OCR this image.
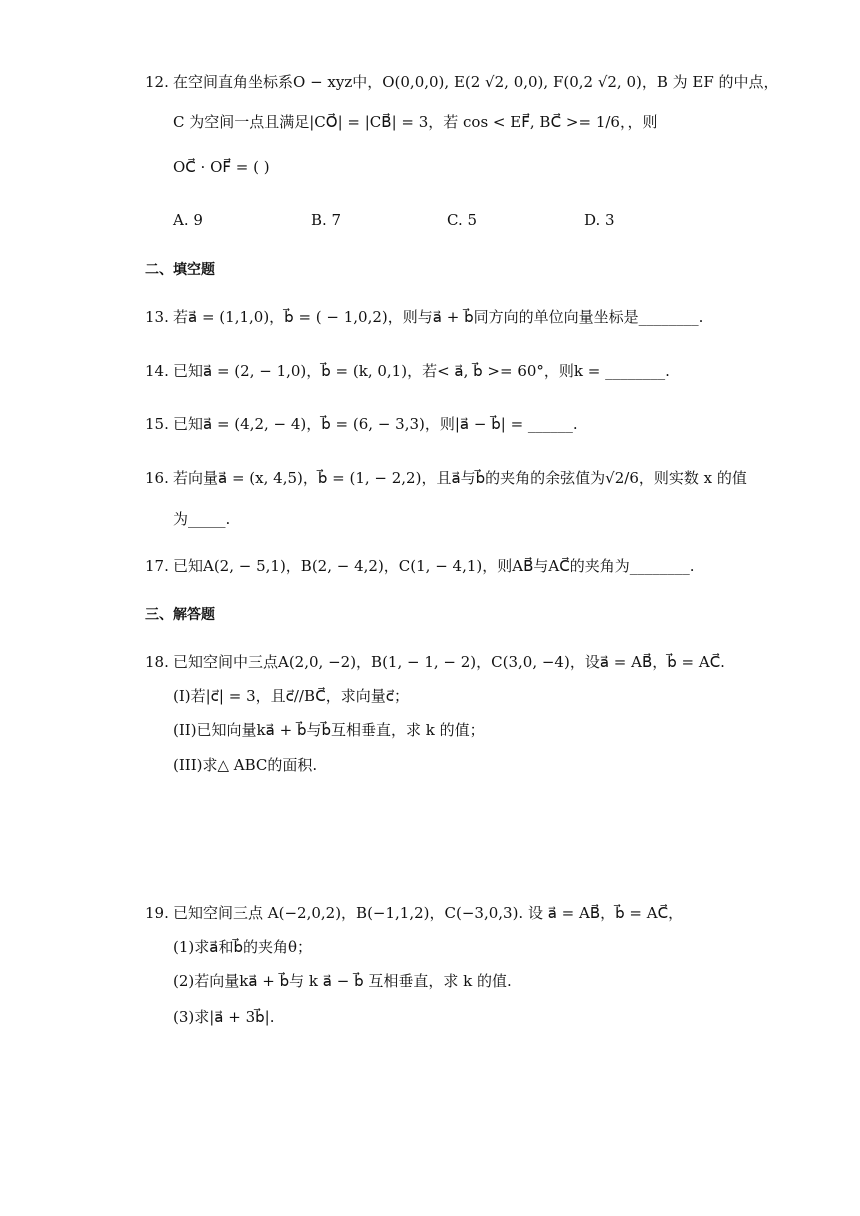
12. 在空间直角坐标系O − xyz中，O(0,0,0), E(2 √2, 0,0), F(0,2 √2, 0)，B 为 EF 的中点，
C 为空间一点且满足|CO⃗| = |CB⃗| = 3，若 cos < EF⃗, BC⃗ >= 1/6，，则
OC⃗ · OF⃗ = ( )
A. 9	B. 7	C. 5	D. 3
二、填空题
13. 若a⃗ = (1,1,0)，b⃗ = ( − 1,0,2)，则与a⃗ + b⃗同方向的单位向量坐标是________.
14. 已知a⃗ = (2, − 1,0)，b⃗ = (k, 0,1)，若< a⃗, b⃗ >= 60°，则k = ________.
15. 已知a⃗ = (4,2, − 4)，b⃗ = (6, − 3,3)，则|a⃗ − b⃗| = ______.
16. 若向量a⃗ = (x, 4,5)，b⃗ = (1, − 2,2)，且a⃗与b⃗的夹角的余弦值为√2/6，则实数 x 的值
为_____.
17. 已知A(2, − 5,1)，B(2, − 4,2)，C(1, − 4,1)，则AB⃗与AC⃗的夹角为________.
三、解答题
18. 已知空间中三点A(2,0, −2)，B(1, − 1, − 2)，C(3,0, −4)，设a⃗ = AB⃗，b⃗ = AC⃗.
(I)若|c⃗| = 3，且c⃗//BC⃗，求向量c⃗；
(II)已知向量ka⃗ + b⃗与b⃗互相垂直，求 k 的值；
(III)求△ ABC的面积.
19. 已知空间三点 A(−2,0,2)，B(−1,1,2)，C(−3,0,3). 设 a⃗ = AB⃗，b⃗ = AC⃗，
(1)求a⃗和b⃗的夹角θ；
(2)若向量ka⃗ + b⃗与 k a⃗ − b⃗ 互相垂直，求 k 的值.
(3)求|a⃗ + 3b⃗|.
